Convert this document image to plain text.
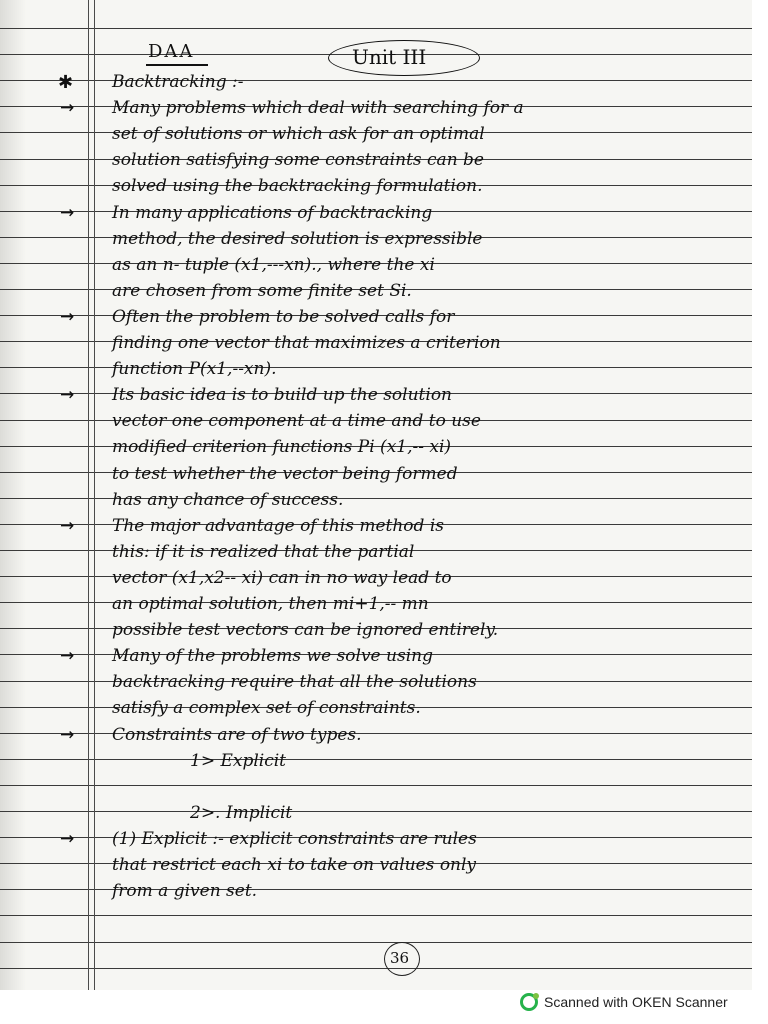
DAA	Unit III
✱ Backtracking :-
→ Many problems which deal with searching for a
set of solutions or which ask for an optimal
solution satisfying some constraints can be
solved using the backtracking formulation.
→ In many applications of backtracking
method, the desired solution is expressible
as an n- tuple (x1,---xn)., where the xi
are chosen from some finite set Si.
→ Often the problem to be solved calls for
finding one vector that maximizes a criterion
function P(x1,--xn).
→ Its basic idea is to build up the solution
vector one component at a time and to use
modified criterion functions Pi (x1,-- xi)
to test whether the vector being formed
has any chance of success.
→ The major advantage of this method is
this: if it is realized that the partial
vector (x1,x2-- xi) can in no way lead to
an optimal solution, then mi+1,-- mn
possible test vectors can be ignored entirely.
→ Many of the problems we solve using
backtracking require that all the solutions
satisfy a complex set of constraints.
→ Constraints are of two types.
1> Explicit
2>. Implicit
→ (1) Explicit :- explicit constraints are rules
that restrict each xi to take on values only
from a given set.
36
Scanned with OKEN Scanner
